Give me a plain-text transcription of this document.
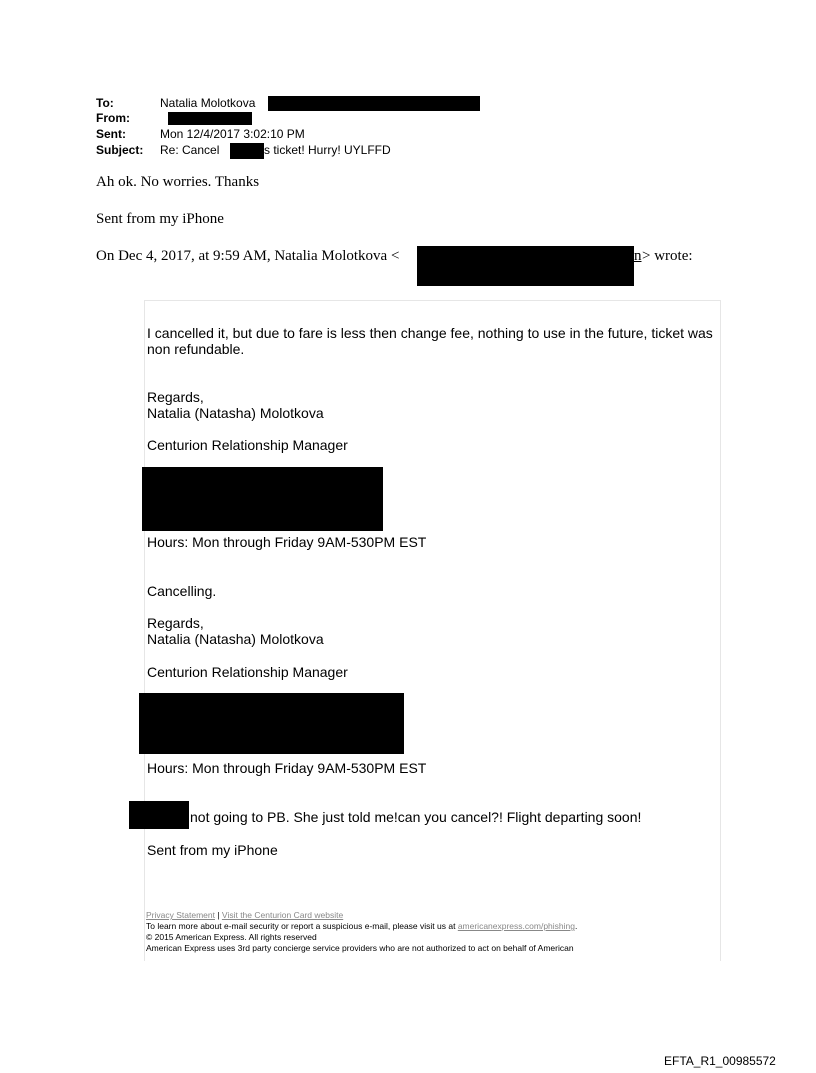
To:	Natalia Molotkova
From:
Sent:	Mon 12/4/2017 3:02:10 PM
Subject: Re: Cancel	s ticket! Hurry! UYLFFD
Ah ok. No worries. Thanks
Sent from my iPhone
On Dec 4, 2017, at 9:59 AM, Natalia Molotkova <	n > wrote:
I cancelled it, but due to fare is less then change fee, nothing to use in the future, ticket was
non refundable.
Regards,
Natalia (Natasha) Molotkova
Centurion Relationship Manager
Hours: Mon through Friday 9AM-530PM EST
Cancelling.
Regards,
Natalia (Natasha) Molotkova
Centurion Relationship Manager
Hours: Mon through Friday 9AM-530PM EST
not going to PB. She just told me!can you cancel?! Flight departing soon!
Sent from my iPhone
Privacy Statement | Visit the Centurion Card website
To learn more about e-mail security or report a suspicious e-mail, please visit us at americanexpress.com/phishing.
© 2015 American Express. All rights reserved
American Express uses 3rd party concierge service providers who are not authorized to act on behalf of American
EFTA_R1_00985572
